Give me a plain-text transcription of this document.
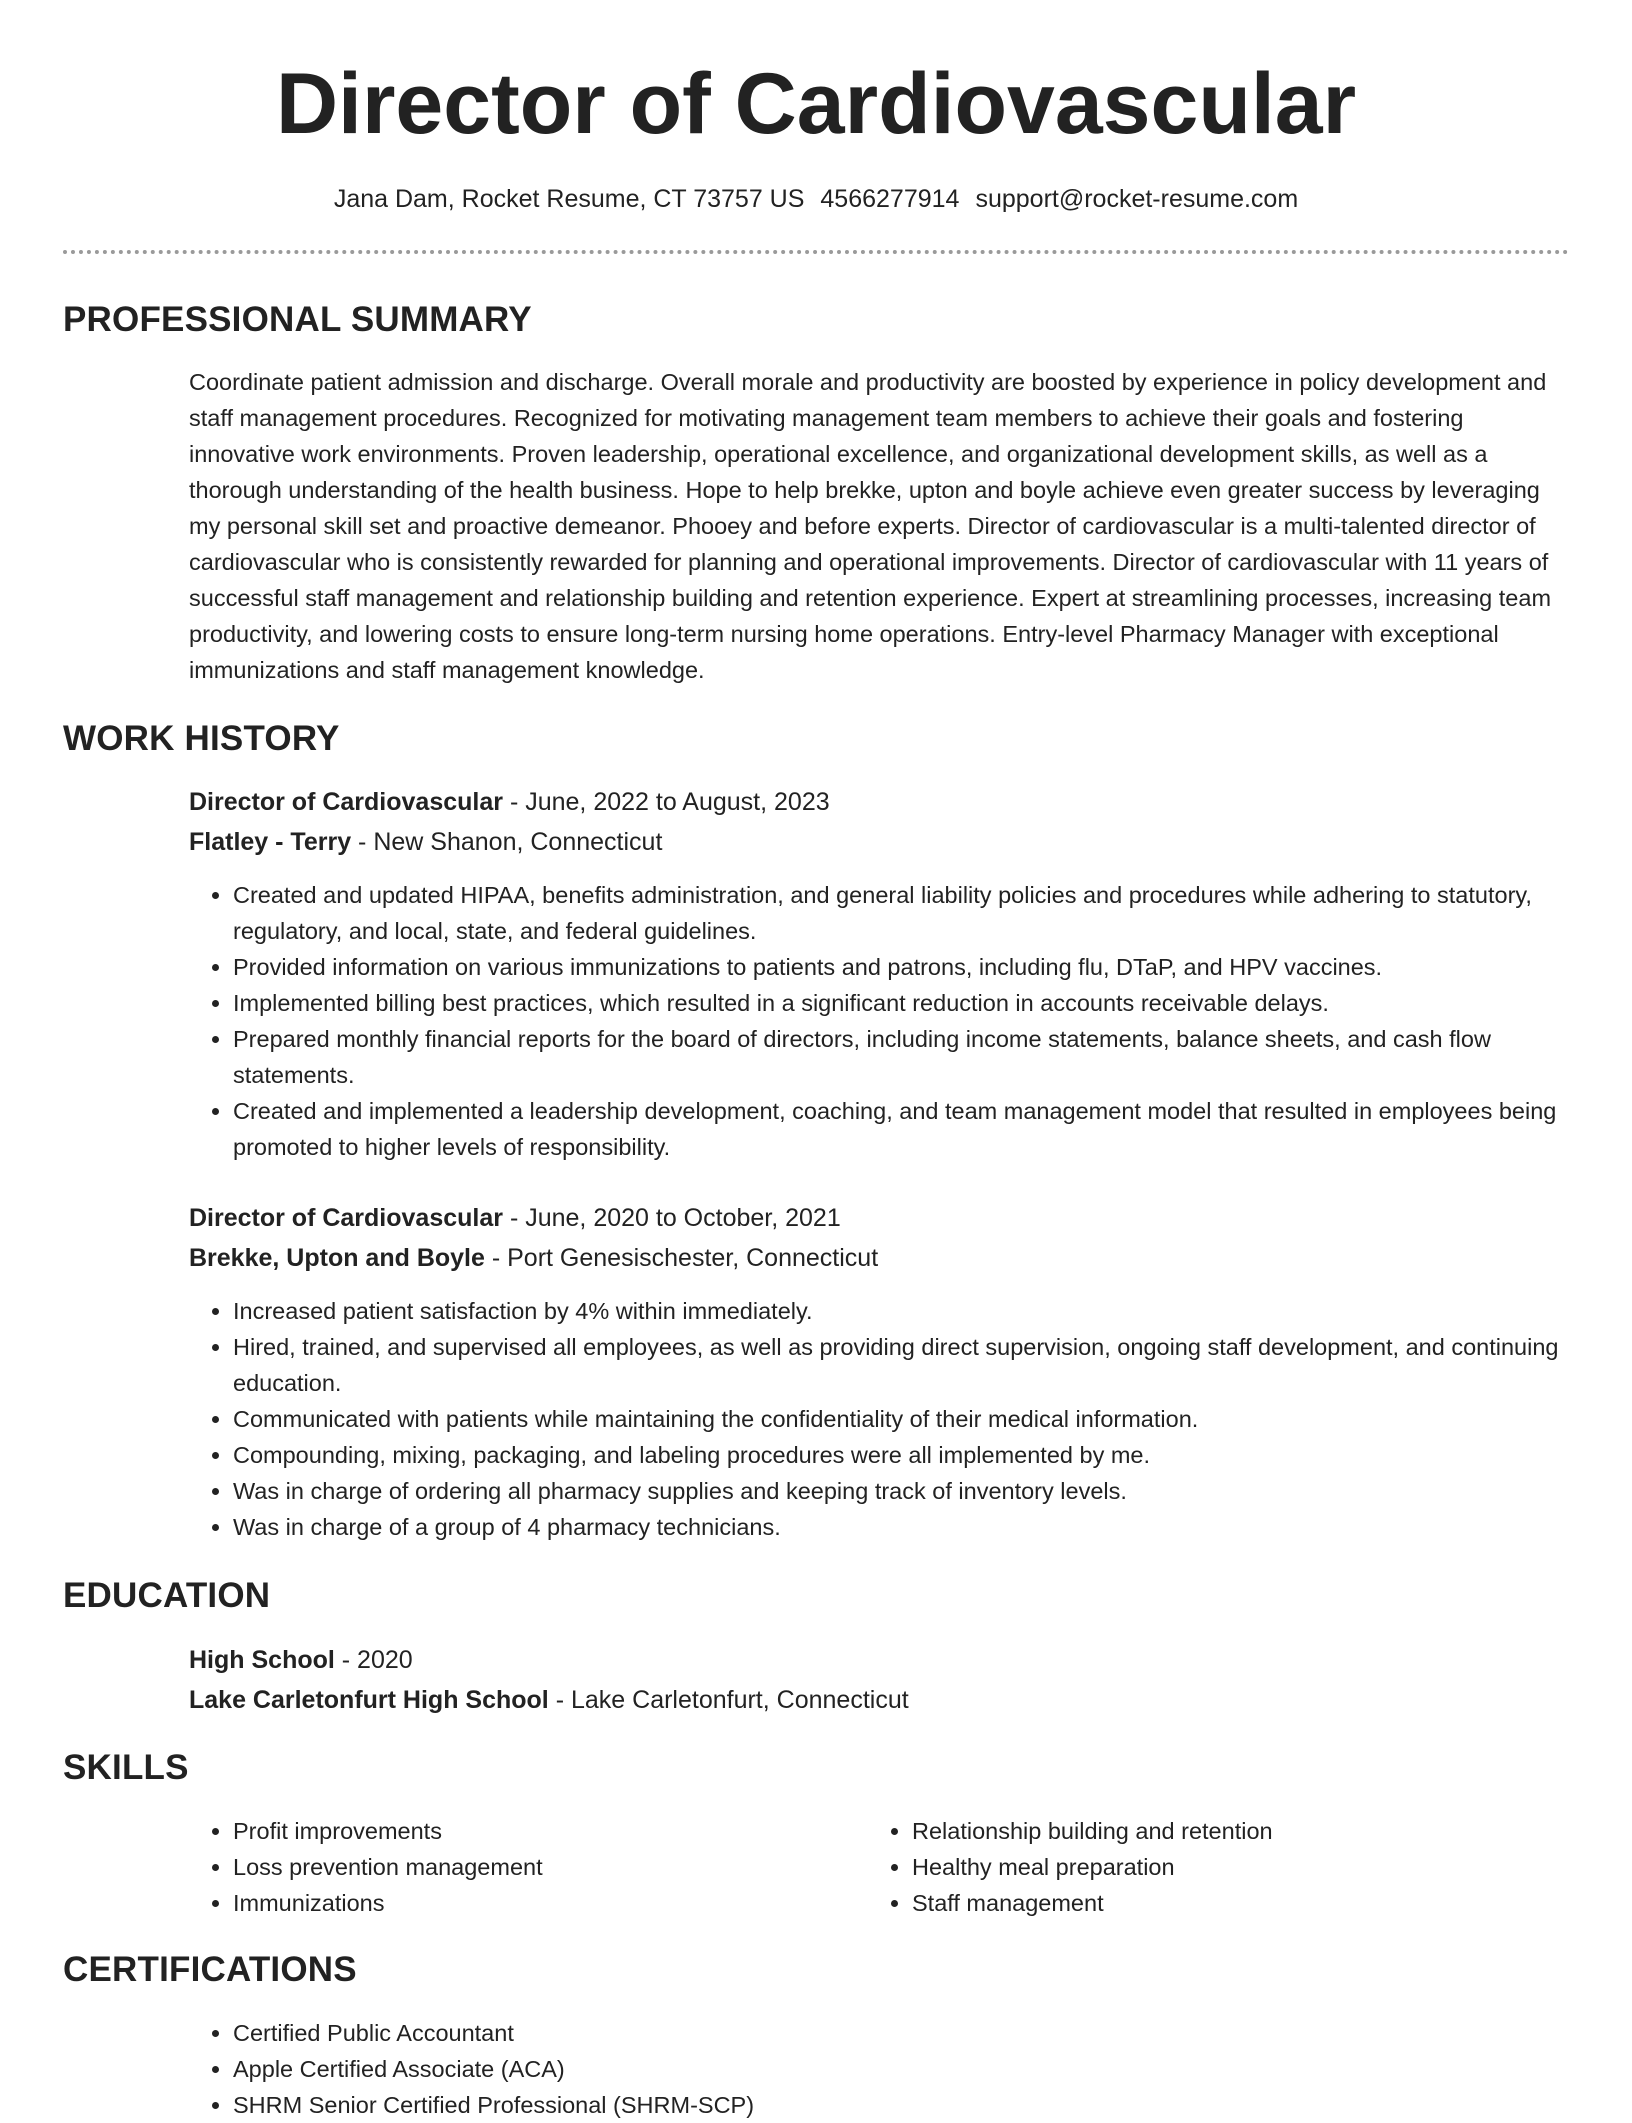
Director of Cardiovascular
Jana Dam, Rocket Resume, CT 73757 US 4566277914 support@rocket-resume.com
PROFESSIONAL SUMMARY

Coordinate patient admission and discharge. Overall morale and productivity are boosted by experience in policy development and staff management procedures. Recognized for motivating management team members to achieve their goals and fostering innovative work environments. Proven leadership, operational excellence, and organizational development skills, as well as a thorough understanding of the health business. Hope to help brekke, upton and boyle achieve even greater success by leveraging my personal skill set and proactive demeanor. Phooey and before experts. Director of cardiovascular is a multi-talented director of cardiovascular who is consistently rewarded for planning and operational improvements. Director of cardiovascular with 11 years of successful staff management and relationship building and retention experience. Expert at streamlining processes, increasing team productivity, and lowering costs to ensure long-term nursing home operations. Entry-level Pharmacy Manager with exceptional immunizations and staff management knowledge.

WORK HISTORY
Director of Cardiovascular - June, 2022 to August, 2023
Flatley - Terry - New Shanon, Connecticut
• Created and updated HIPAA, benefits administration, and general liability policies and procedures while adhering to statutory, regulatory, and local, state, and federal guidelines.
• Provided information on various immunizations to patients and patrons, including flu, DTaP, and HPV vaccines.
• Implemented billing best practices, which resulted in a significant reduction in accounts receivable delays.
• Prepared monthly financial reports for the board of directors, including income statements, balance sheets, and cash flow statements.
• Created and implemented a leadership development, coaching, and team management model that resulted in employees being promoted to higher levels of responsibility.
Director of Cardiovascular - June, 2020 to October, 2021
Brekke, Upton and Boyle - Port Genesischester, Connecticut
• Increased patient satisfaction by 4% within immediately.
• Hired, trained, and supervised all employees, as well as providing direct supervision, ongoing staff development, and continuing education.
• Communicated with patients while maintaining the confidentiality of their medical information.
• Compounding, mixing, packaging, and labeling procedures were all implemented by me.
• Was in charge of ordering all pharmacy supplies and keeping track of inventory levels.
• Was in charge of a group of 4 pharmacy technicians.
EDUCATION
High School - 2020
Lake Carletonfurt High School - Lake Carletonfurt, Connecticut
SKILLS
• Profit improvements
• Loss prevention management
• Immunizations
• Relationship building and retention
• Healthy meal preparation
• Staff management
CERTIFICATIONS
• Certified Public Accountant
• Apple Certified Associate (ACA)
• SHRM Senior Certified Professional (SHRM-SCP)
